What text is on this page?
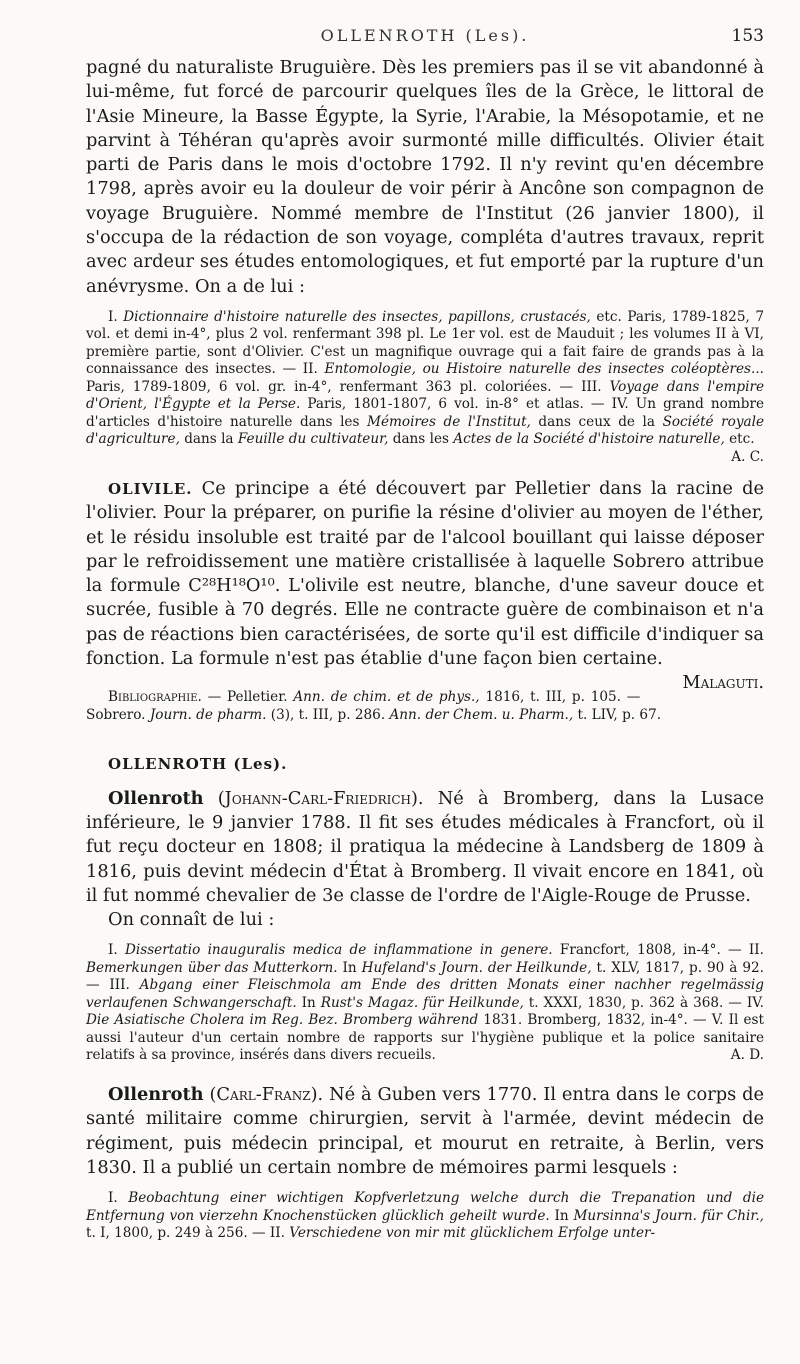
OLLENROTH (Les).	153

pagné du naturaliste Bruguière. Dès les premiers pas il se vit abandonné à lui-même, fut forcé de parcourir quelques îles de la Grèce, le littoral de l'Asie Mineure, la Basse Égypte, la Syrie, l'Arabie, la Mésopotamie, et ne parvint à Téhéran qu'après avoir surmonté mille difficultés. Olivier était parti de Paris dans le mois d'octobre 1792. Il n'y revint qu'en décembre 1798, après avoir eu la douleur de voir périr à Ancône son compagnon de voyage Bruguière. Nommé membre de l'Institut (26 janvier 1800), il s'occupa de la rédaction de son voyage, compléta d'autres travaux, reprit avec ardeur ses études entomologiques, et fut emporté par la rupture d'un anévrysme. On a de lui :

I. Dictionnaire d'histoire naturelle des insectes, papillons, crustacés, etc. Paris, 1789-1825, 7 vol. et demi in-4°, plus 2 vol. renfermant 398 pl. Le 1er vol. est de Mauduit ; les volumes II à VI, première partie, sont d'Olivier. C'est un magnifique ouvrage qui a fait faire de grands pas à la connaissance des insectes. — II. Entomologie, ou Histoire naturelle des insectes coléoptères... Paris, 1789-1809, 6 vol. gr. in-4°, renfermant 363 pl. coloriées. — III. Voyage dans l'empire d'Orient, l'Égypte et la Perse. Paris, 1801-1807, 6 vol. in-8° et atlas. — IV. Un grand nombre d'articles d'histoire naturelle dans les Mémoires de l'Institut, dans ceux de la Société royale d'agriculture, dans la Feuille du cultivateur, dans les Actes de la Société d'histoire naturelle, etc.
A. C.

OLIVILE. Ce principe a été découvert par Pelletier dans la racine de l'olivier. Pour la préparer, on purifie la résine d'olivier au moyen de l'éther, et le résidu insoluble est traité par de l'alcool bouillant qui laisse déposer par le refroidissement une matière cristallisée à laquelle Sobrero attribue la formule C²⁸H¹⁸O¹⁰. L'olivile est neutre, blanche, d'une saveur douce et sucrée, fusible à 70 degrés. Elle ne contracte guère de combinaison et n'a pas de réactions bien caractérisées, de sorte qu'il est difficile d'indiquer sa fonction. La formule n'est pas établie d'une façon bien certaine.
Malaguti.

Bibliographie. — Pelletier. Ann. de chim. et de phys., 1816, t. III, p. 105. — Sobrero. Journ. de pharm. (3), t. III, p. 286. Ann. der Chem. u. Pharm., t. LIV, p. 67.

OLLENROTH (Les).

Ollenroth (Johann-Carl-Friedrich). Né à Bromberg, dans la Lusace inférieure, le 9 janvier 1788. Il fit ses études médicales à Francfort, où il fut reçu docteur en 1808; il pratiqua la médecine à Landsberg de 1809 à 1816, puis devint médecin d'État à Bromberg. Il vivait encore en 1841, où il fut nommé chevalier de 3e classe de l'ordre de l'Aigle-Rouge de Prusse.

On connaît de lui :

I. Dissertatio inauguralis medica de inflammatione in genere. Francfort, 1808, in-4°. — II. Bemerkungen über das Mutterkorn. In Hufeland's Journ. der Heilkunde, t. XLV, 1817, p. 90 à 92. — III. Abgang einer Fleischmola am Ende des dritten Monats einer nachher regelmässig verlaufenen Schwangerschaft. In Rust's Magaz. für Heilkunde, t. XXXI, 1830, p. 362 à 368. — IV. Die Asiatische Cholera im Reg. Bez. Bromberg während 1831. Bromberg, 1832, in-4°. — V. Il est aussi l'auteur d'un certain nombre de rapports sur l'hygiène publique et la police sanitaire relatifs à sa province, insérés dans divers recueils.	A. D.

Ollenroth (Carl-Franz). Né à Guben vers 1770. Il entra dans le corps de santé militaire comme chirurgien, servit à l'armée, devint médecin de régiment, puis médecin principal, et mourut en retraite, à Berlin, vers 1830. Il a publié un certain nombre de mémoires parmi lesquels :

I. Beobachtung einer wichtigen Kopfverletzung welche durch die Trepanation und die Entfernung von vierzehn Knochenstücken glücklich geheilt wurde. In Mursinna's Journ. für Chir., t. I, 1800, p. 249 à 256. — II. Verschiedene von mir mit glücklichem Erfolge unter-
